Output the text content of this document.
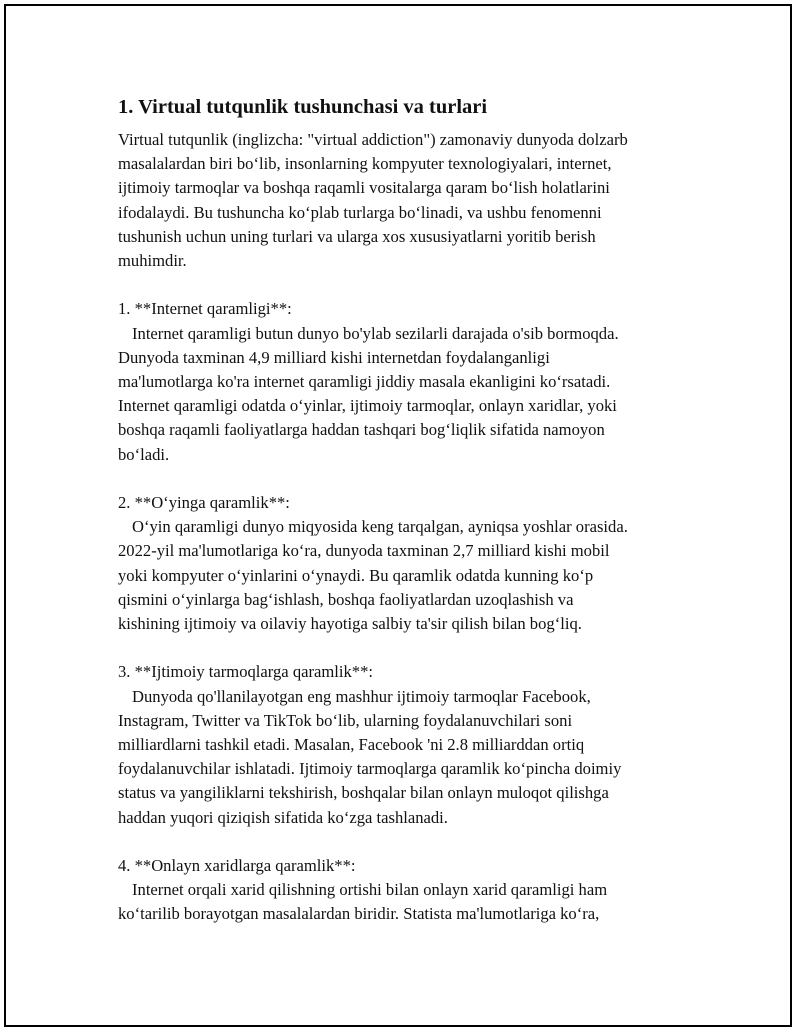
1. Virtual tutqunlik tushunchasi va turlari

Virtual tutqunlik (inglizcha: "virtual addiction") zamonaviy dunyoda dolzarb
masalalardan biri boʻlib, insonlarning kompyuter texnologiyalari, internet,
ijtimoiy tarmoqlar va boshqa raqamli vositalarga qaram boʻlish holatlarini
ifodalaydi. Bu tushuncha koʻplab turlarga boʻlinadi, va ushbu fenomenni
tushunish uchun uning turlari va ularga xos xususiyatlarni yoritib berish
muhimdir.

1. **Internet qaramligi**:
Internet qaramligi butun dunyo bo'ylab sezilarli darajada o'sib bormoqda.
Dunyoda taxminan 4,9 milliard kishi internetdan foydalanganligi
ma'lumotlarga ko'ra internet qaramligi jiddiy masala ekanligini koʻrsatadi.
Internet qaramligi odatda oʻyinlar, ijtimoiy tarmoqlar, onlayn xaridlar, yoki
boshqa raqamli faoliyatlarga haddan tashqari bogʻliqlik sifatida namoyon
boʻladi.

2. **Oʻyinga qaramlik**:
Oʻyin qaramligi dunyo miqyosida keng tarqalgan, ayniqsa yoshlar orasida.
2022-yil ma'lumotlariga koʻra, dunyoda taxminan 2,7 milliard kishi mobil
yoki kompyuter oʻyinlarini oʻynaydi. Bu qaramlik odatda kunning koʻp
qismini oʻyinlarga bagʻishlash, boshqa faoliyatlardan uzoqlashish va
kishining ijtimoiy va oilaviy hayotiga salbiy ta'sir qilish bilan bogʻliq.

3. **Ijtimoiy tarmoqlarga qaramlik**:
Dunyoda qo'llanilayotgan eng mashhur ijtimoiy tarmoqlar Facebook,
Instagram, Twitter va TikTok boʻlib, ularning foydalanuvchilari soni
milliardlarni tashkil etadi. Masalan, Facebook 'ni 2.8 milliarddan ortiq
foydalanuvchilar ishlatadi. Ijtimoiy tarmoqlarga qaramlik koʻpincha doimiy
status va yangiliklarni tekshirish, boshqalar bilan onlayn muloqot qilishga
haddan yuqori qiziqish sifatida koʻzga tashlanadi.

4. **Onlayn xaridlarga qaramlik**:
Internet orqali xarid qilishning ortishi bilan onlayn xarid qaramligi ham
koʻtarilib borayotgan masalalardan biridir. Statista ma'lumotlariga koʻra,
